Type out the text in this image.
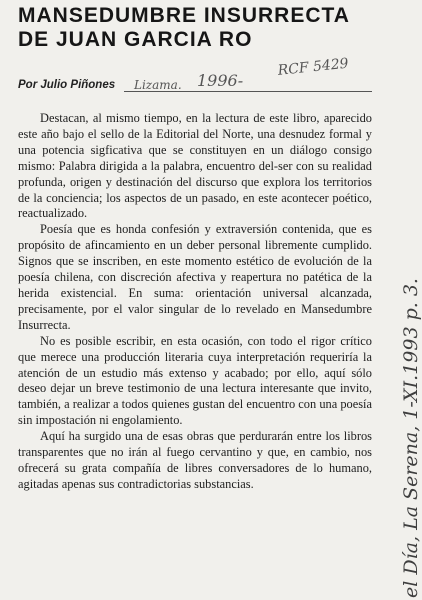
MANSEDUMBRE INSURRECTA
DE JUAN GARCIA RO
Por Julio Piñones Lizama. 1996-
RCF 5429

Destacan, al mismo tiempo, en la lectura de este libro, aparecido este año bajo el sello de la Editorial del Norte, una desnudez formal y una potencia sigficativa que se constituyen en un diálogo consigo mismo: Palabra dirigida a la palabra, encuentro del-ser con su realidad profunda, origen y destinación del discurso que explora los territorios de la conciencia; los aspectos de un pasado, en este acontecer poético, reactualizado.

Poesía que es honda confesión y extraversión contenida, que es propósito de afincamiento en un deber personal libremente cumplido. Signos que se inscriben, en este momento estético de evolución de la poesía chilena, con discreción afectiva y reapertura no patética de la herida existencial. En suma: orientación universal alcanzada, precisamente, por el valor singular de lo revelado en Mansedumbre Insurrecta.

No es posible escribir, en esta ocasión, con todo el rigor crítico que merece una producción literaria cuya interpretación requeriría la atención de un estudio más extenso y acabado; por ello, aquí sólo deseo dejar un breve testimonio de una lectura interesante que invito, también, a realizar a todos quienes gustan del encuentro con una poesía sin impostación ni engolamiento.

Aquí ha surgido una de esas obras que perdurarán entre los libros transparentes que no irán al fuego cervantino y que, en cambio, nos ofrecerá su grata compañía de libres conversadores de lo humano, agitadas apenas sus contradictorias substancias.	el Día, La Serena, 1-XI.1993 p. 3.
